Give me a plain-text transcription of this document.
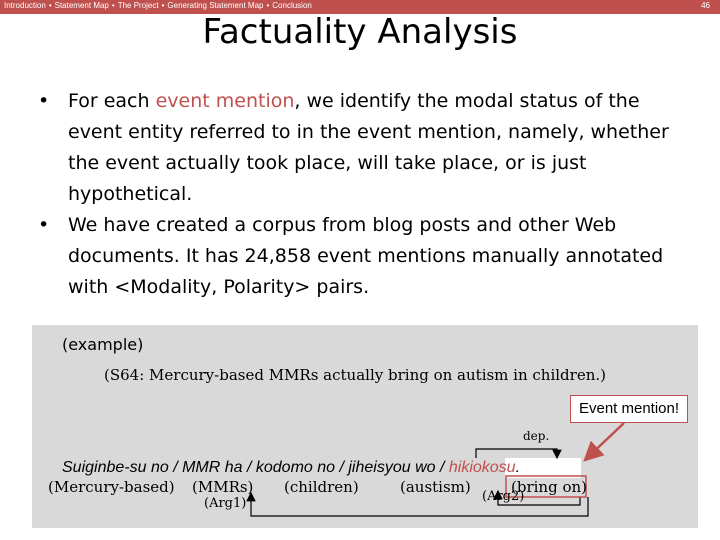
Introduction • Statement Map • The Project • Generating Statement Map • Conclusion	46
Factuality Analysis
• For each event mention, we identify the modal status of the event entity referred to in the event mention, namely, whether the event actually took place, will take place, or is just hypothetical.
• We have created a corpus from blog posts and other Web documents. It has 24,858 event mentions manually annotated with <Modality, Polarity> pairs.
(example)
(S64: Mercury-based MMRs actually bring on autism in children.)
Event mention!
dep.
Suiginbe-su no / MMR ha / kodomo no / jiheisyou wo / hikiokosu.
(Mercury-based) (MMRs) (children)	(austism)	(bring on)
(Arg1)	(Arg2)
